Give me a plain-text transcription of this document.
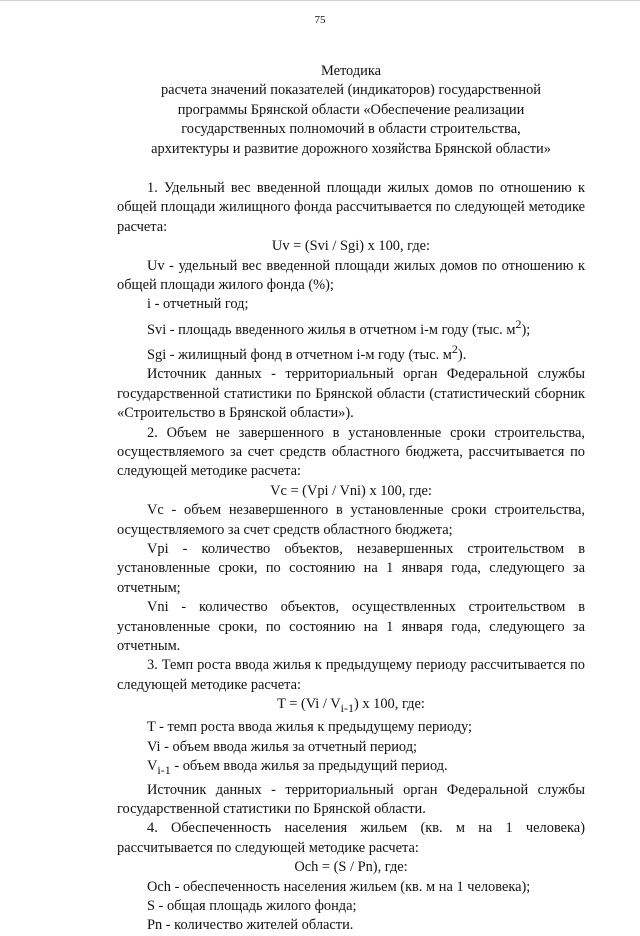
75
Методика
расчета значений показателей (индикаторов) государственной
программы Брянской области «Обеспечение реализации
государственных полномочий в области строительства,
архитектуры и развитие дорожного хозяйства Брянской области»

1. Удельный вес введенной площади жилых домов по отношению к общей площади жилищного фонда рассчитывается по следующей методике расчета:

Uv = (Svi / Sgi) x 100, где:

Uv - удельный вес введенной площади жилых домов по отношению к общей площади жилого фонда (%);

i - отчетный год;

Svi - площадь введенного жилья в отчетном i-м году (тыс. $м^2$);

Sgi - жилищный фонд в отчетном i-м году (тыс. $м^2$).

Источник данных - территориальный орган Федеральной службы государственной статистики по Брянской области (статистический сборник «Строительство в Брянской области»).

2. Объем не завершенного в установленные сроки строительства, осуществляемого за счет средств областного бюджета, рассчитывается по следующей методике расчета:

Vc = (Vpi / Vni) x 100, где:

Vc - объем незавершенного в установленные сроки строительства, осуществляемого за счет средств областного бюджета;

Vpi - количество объектов, незавершенных строительством в установленные сроки, по состоянию на 1 января года, следующего за отчетным;

Vni - количество объектов, осуществленных строительством в установленные сроки, по состоянию на 1 января года, следующего за отчетным.

3. Темп роста ввода жилья к предыдущему периоду рассчитывается по следующей методике расчета:

$T = (Vi / V_{i-1})$ x 100, где:

T - темп роста ввода жилья к предыдущему периоду;

Vi - объем ввода жилья за отчетный период;

$V_{i-1}$ - объем ввода жилья за предыдущий период.

Источник данных - территориальный орган Федеральной службы государственной статистики по Брянской области.

4. Обеспеченность населения жильем (кв. м на 1 человека) рассчитывается по следующей методике расчета:

Och = (S / Pn), где:

Och - обеспеченность населения жильем (кв. м на 1 человека);

S - общая площадь жилого фонда;

Pn - количество жителей области.
